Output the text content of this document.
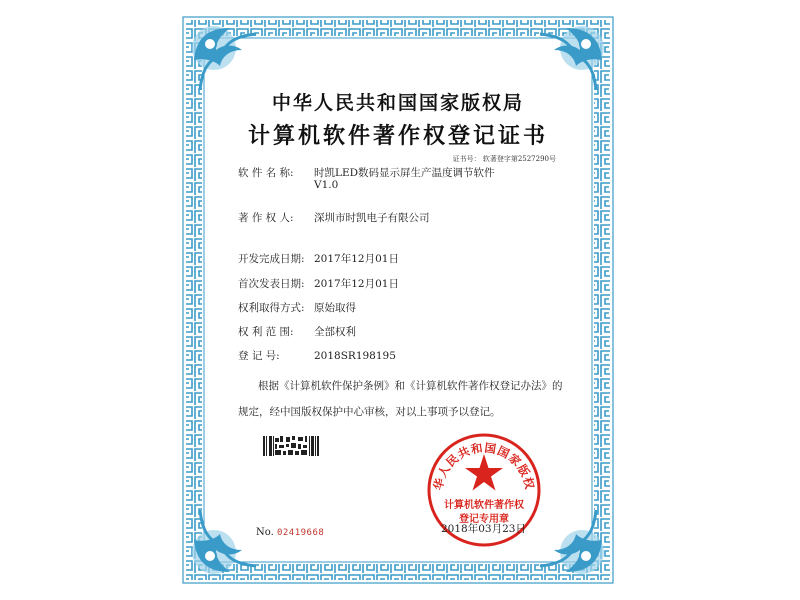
中华人民共和国国家版权局
计算机软件著作权登记证书
证书号： 软著登字第2527290号
软 件 名 称: 时凯LED数码显示屏生产温度调节软件
V1.0
著 作 权 人: 深圳市时凯电子有限公司
开发完成日期: 2017年12月01日
首次发表日期: 2017年12月01日
权利取得方式: 原始取得
权 利 范 围: 全部权利
登 记 号:	2018SR198195
根据《计算机软件保护条例》和《计算机软件著作权登记办法》的
规定，经中国版权保护中心审核，对以上事项予以登记。
华人民共和国国家版权
计算机软件著作权
登记专用章
No. 02419668	2018年03月23日
